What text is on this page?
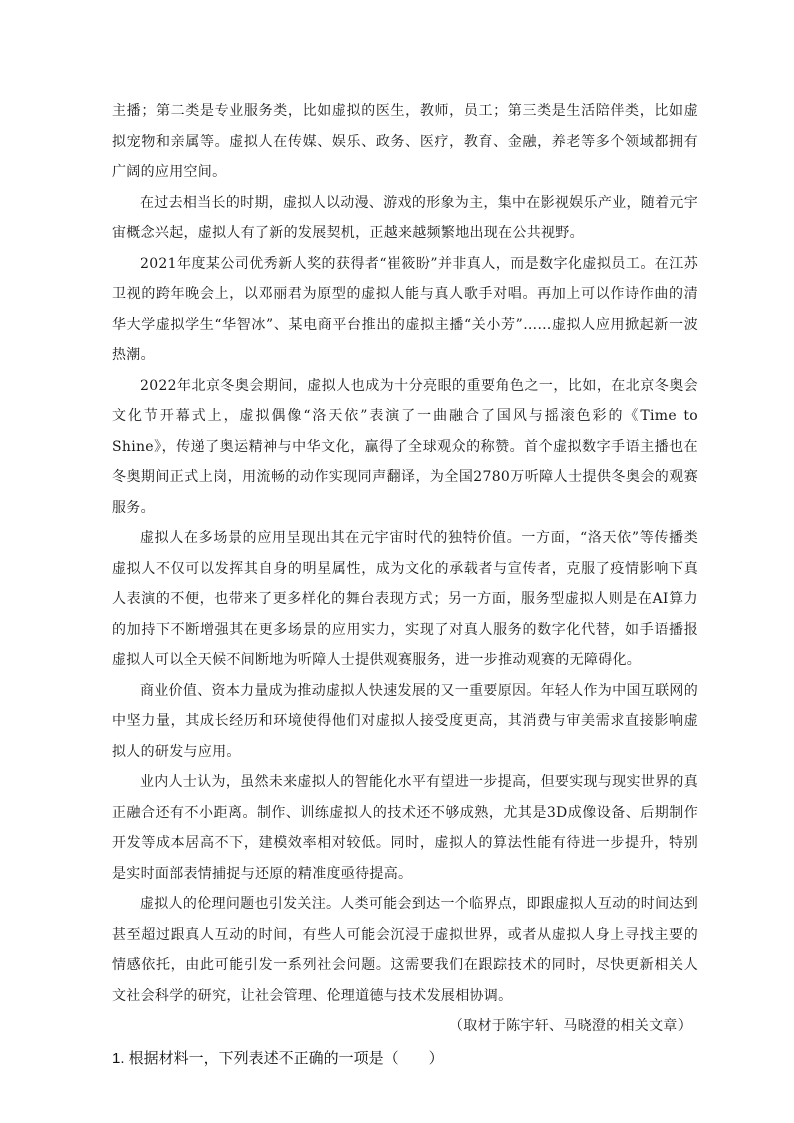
主播；第二类是专业服务类，比如虚拟的医生，教师，员工；第三类是生活陪伴类，比如虚拟宠物和亲属等。虚拟人在传媒、娱乐、政务、医疗，教育、金融，养老等多个领域都拥有广阔的应用空间。

在过去相当长的时期，虚拟人以动漫、游戏的形象为主，集中在影视娱乐产业，随着元宇宙概念兴起，虚拟人有了新的发展契机，正越来越频繁地出现在公共视野。

2021年度某公司优秀新人奖的获得者“崔筱盼”并非真人，而是数字化虚拟员工。在江苏卫视的跨年晚会上，以邓丽君为原型的虚拟人能与真人歌手对唱。再加上可以作诗作曲的清华大学虚拟学生“华智冰”、某电商平台推出的虚拟主播“关小芳”……虚拟人应用掀起新一波热潮。

2022年北京冬奥会期间，虚拟人也成为十分亮眼的重要角色之一，比如，在北京冬奥会文化节开幕式上，虚拟偶像“洛天依”表演了一曲融合了国风与摇滚色彩的《Time to Shine》，传递了奥运精神与中华文化，赢得了全球观众的称赞。首个虚拟数字手语主播也在冬奥期间正式上岗，用流畅的动作实现同声翻译，为全国2780万听障人士提供冬奥会的观赛服务。

虚拟人在多场景的应用呈现出其在元宇宙时代的独特价值。一方面，“洛天依”等传播类虚拟人不仅可以发挥其自身的明星属性，成为文化的承载者与宣传者，克服了疫情影响下真人表演的不便，也带来了更多样化的舞台表现方式；另一方面，服务型虚拟人则是在AI算力的加持下不断增强其在更多场景的应用实力，实现了对真人服务的数字化代替，如手语播报虚拟人可以全天候不间断地为听障人士提供观赛服务，进一步推动观赛的无障碍化。

商业价值、资本力量成为推动虚拟人快速发展的又一重要原因。年轻人作为中国互联网的中坚力量，其成长经历和环境使得他们对虚拟人接受度更高，其消费与审美需求直接影响虚拟人的研发与应用。

业内人士认为，虽然未来虚拟人的智能化水平有望进一步提高，但要实现与现实世界的真正融合还有不小距离。制作、训练虚拟人的技术还不够成熟，尤其是3D成像设备、后期制作开发等成本居高不下，建模效率相对较低。同时，虚拟人的算法性能有待进一步提升，特别是实时面部表情捕捉与还原的精准度亟待提高。

虚拟人的伦理问题也引发关注。人类可能会到达一个临界点，即跟虚拟人互动的时间达到甚至超过跟真人互动的时间，有些人可能会沉浸于虚拟世界，或者从虚拟人身上寻找主要的情感依托，由此可能引发一系列社会问题。这需要我们在跟踪技术的同时，尽快更新相关人文社会科学的研究，让社会管理、伦理道德与技术发展相协调。

（取材于陈宇轩、马晓澄的相关文章）

1. 根据材料一，下列表述不正确的一项是（　　）
